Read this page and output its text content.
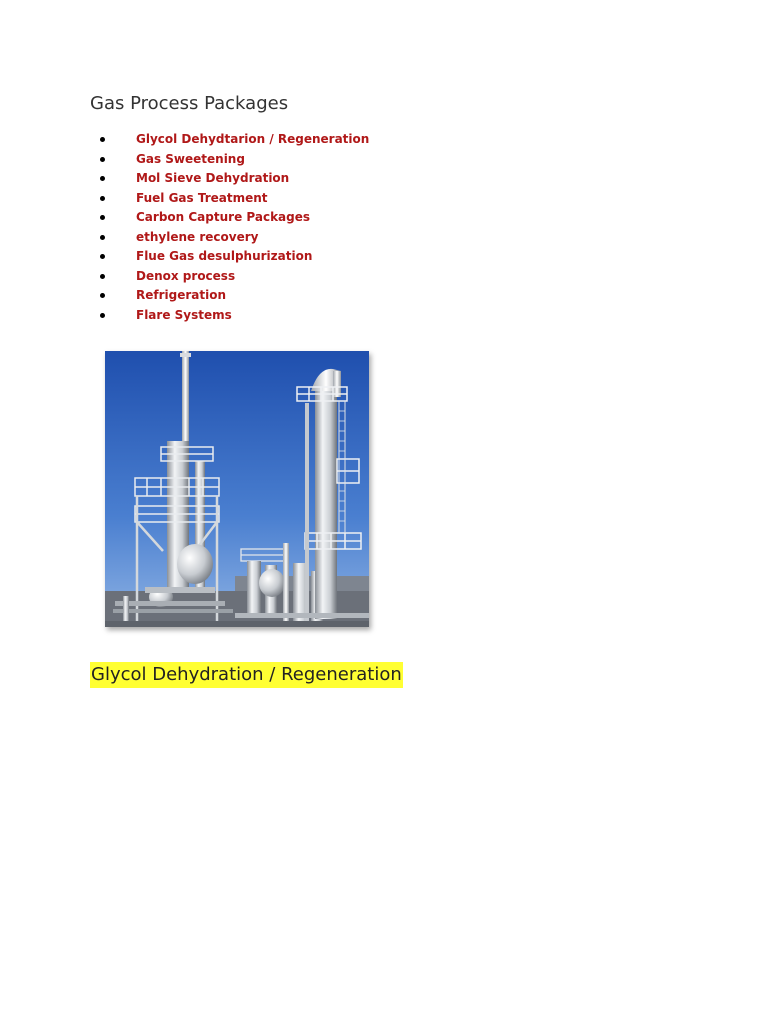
Gas Process Packages
Glycol Dehydtarion / Regeneration
Gas Sweetening
Mol Sieve Dehydration
Fuel Gas Treatment
Carbon Capture Packages
ethylene recovery
Flue Gas desulphurization
Denox process
Refrigeration
Flare Systems
Glycol Dehydration / Regeneration
